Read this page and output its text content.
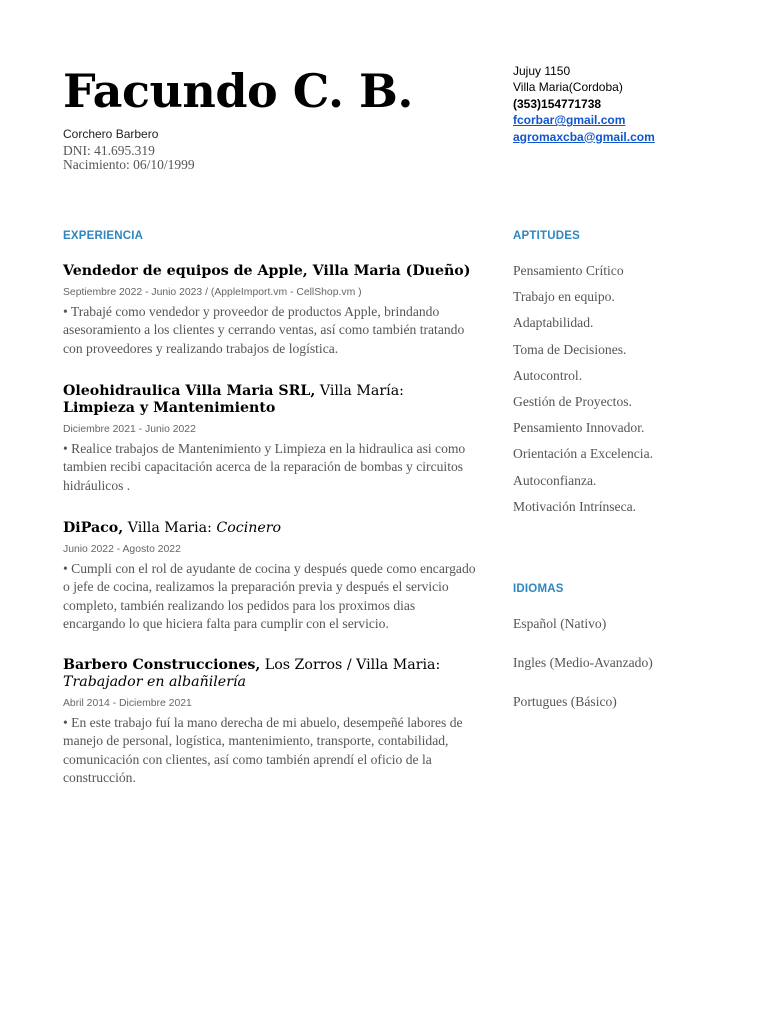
Facundo C. B.
Corchero Barbero
DNI: 41.695.319
Nacimiento: 06/10/1999
Jujuy 1150
Villa Maria(Cordoba)
(353)154771738
fcorbar@gmail.com
agromaxcba@gmail.com
EXPERIENCIA

Vendedor de equipos de Apple, Villa Maria (Dueño)

Septiembre 2022 - Junio 2023 / (AppleImport.vm - CellShop.vm )
• Trabajé como vendedor y proveedor de productos Apple, brindando asesoramiento a los clientes y cerrando ventas, así como también tratando con proveedores y realizando trabajos de logística.

Oleohidraulica Villa Maria SRL, Villa María: Limpieza y Mantenimiento

Diciembre 2021 - Junio 2022
• Realice trabajos de Mantenimiento y Limpieza en la hidraulica asi como tambien recibi capacitación acerca de la reparación de bombas y circuitos hidráulicos .

DiPaco, Villa Maria: Cocinero

Junio 2022 - Agosto 2022
• Cumpli con el rol de ayudante de cocina y después quede como encargado o jefe de cocina, realizamos la preparación previa y después el servicio completo, también realizando los pedidos para los proximos dias encargando lo que hiciera falta para cumplir con el servicio.

Barbero Construcciones, Los Zorros / Villa Maria:
Trabajador en albañilería

Abril 2014 - Diciembre 2021
• En este trabajo fuí la mano derecha de mi abuelo, desempeñé labores de manejo de personal, logística, mantenimiento, transporte, contabilidad, comunicación con clientes, así como también aprendí el oficio de la construcción.
APTITUDES
Pensamiento Crítico
Trabajo en equipo.
Adaptabilidad.
Toma de Decisiones.
Autocontrol.
Gestión de Proyectos.
Pensamiento Innovador.
Orientación a Excelencia.
Autoconfianza.
Motivación Intrínseca.
IDIOMAS
Español (Nativo)
Ingles (Medio-Avanzado)
Portugues (Básico)
